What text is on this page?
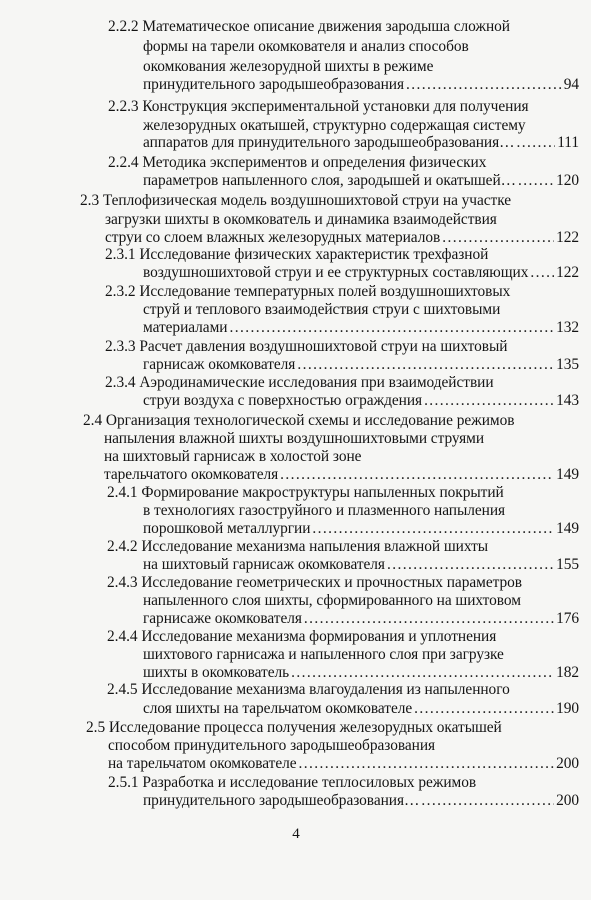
2.2.2 Математическое описание движения зародыша сложной
формы на тарели окомкователя и анализ способов
окомкования железорудной шихты в режиме
принудительного зародышеобразования .....	94
2.2.3 Конструкция экспериментальной установки для получения
железорудных окатышей, структурно содержащая систему
аппаратов для принудительного зародышеобразования… .....	111
2.2.4 Методика экспериментов и определения физических
параметров напыленного слоя, зародышей и окатышей… .....	120
2.3 Теплофизическая модель воздушношихтовой струи на участке
загрузки шихты в окомкователь и динамика взаимодействия
струи со слоем влажных железорудных материалов .....	122
2.3.1 Исследование физических характеристик трехфазной
воздушношихтовой струи и ее структурных составляющих ..... 122
2.3.2 Исследование температурных полей воздушношихтовых
струй и теплового взаимодействия струи с шихтовыми
материалами .....	132
2.3.3 Расчет давления воздушношихтовой струи на шихтовый
гарнисаж окомкователя .....	135
2.3.4 Аэродинамические исследования при взаимодействии
струи воздуха с поверхностью ограждения .....	143
2.4 Организация технологической схемы и исследование режимов
напыления влажной шихты воздушношихтовыми струями
на шихтовый гарнисаж в холостой зоне
тарельчатого окомкователя .....	149
2.4.1 Формирование макроструктуры напыленных покрытий
в технологиях газоструйного и плазменного напыления
порошковой металлургии .....	149
2.4.2 Исследование механизма напыления влажной шихты
на шихтовый гарнисаж окомкователя .....	155
2.4.3 Исследование геометрических и прочностных параметров
напыленного слоя шихты, сформированного на шихтовом
гарнисаже окомкователя .....	176
2.4.4 Исследование механизма формирования и уплотнения
шихтового гарнисажа и напыленного слоя при загрузке
шихты в окомкователь .....	182
2.4.5 Исследование механизма влагоудаления из напыленного
слоя шихты на тарельчатом окомкователе .....	190
2.5 Исследование процесса получения железорудных окатышей
способом принудительного зародышеобразования
на тарельчатом окомкователе .....	200
2.5.1 Разработка и исследование теплосиловых режимов
принудительного зародышеобразования… .....	200
4
